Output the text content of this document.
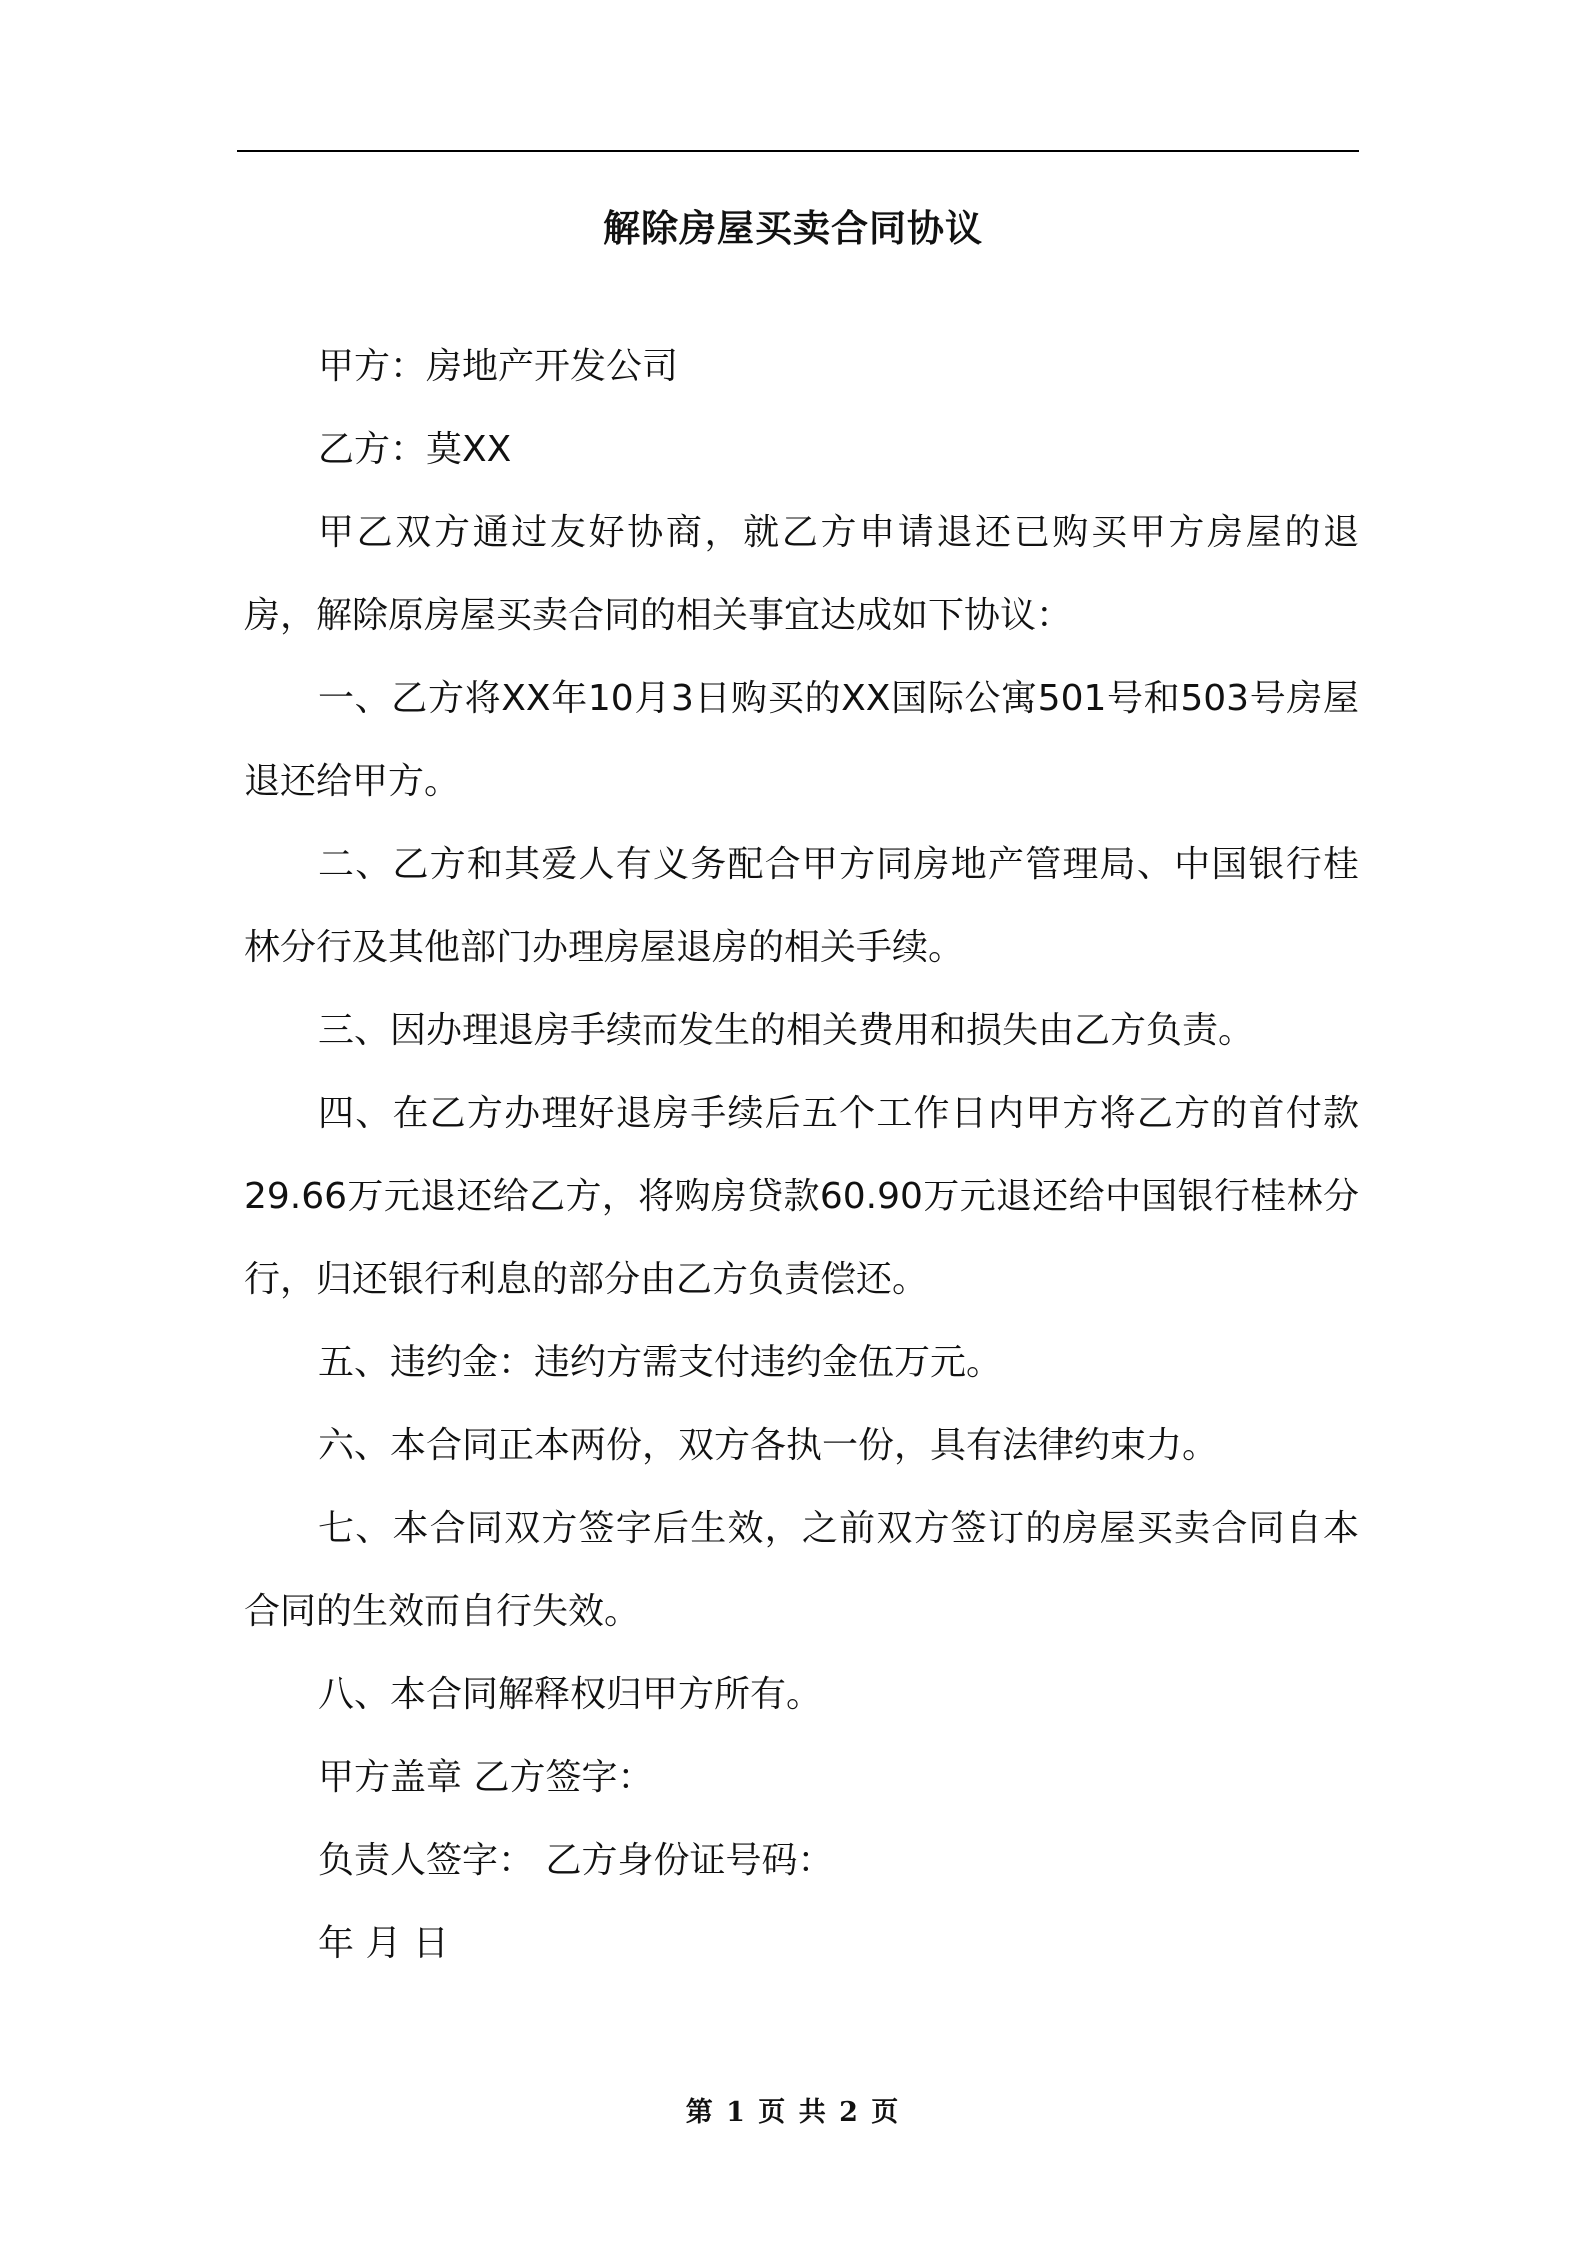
解除房屋买卖合同协议

甲方：房地产开发公司

乙方：莫XX

甲乙双方通过友好协商，就乙方申请退还已购买甲方房屋的退房，解除原房屋买卖合同的相关事宜达成如下协议：

一、乙方将XX年10月3日购买的XX国际公寓501号和503号房屋退还给甲方。

二、乙方和其爱人有义务配合甲方同房地产管理局、中国银行桂林分行及其他部门办理房屋退房的相关手续。

三、因办理退房手续而发生的相关费用和损失由乙方负责。

四、在乙方办理好退房手续后五个工作日内甲方将乙方的首付款29.66万元退还给乙方，将购房贷款60.90万元退还给中国银行桂林分行，归还银行利息的部分由乙方负责偿还。

五、违约金：违约方需支付违约金伍万元。

六、本合同正本两份，双方各执一份，具有法律约束力。

七、本合同双方签字后生效，之前双方签订的房屋买卖合同自本合同的生效而自行失效。

八、本合同解释权归甲方所有。

甲方盖章 乙方签字：

负责人签字： 乙方身份证号码：

年 月 日

第 1 页 共 2 页
